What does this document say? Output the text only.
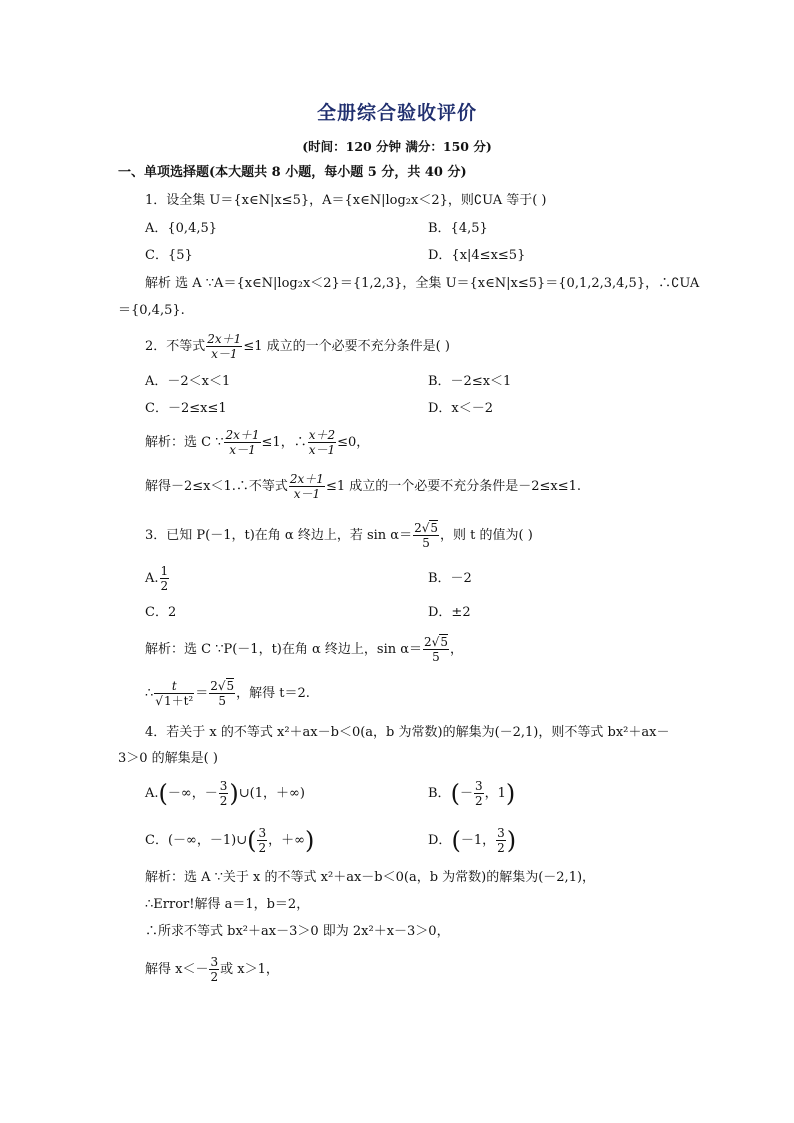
全册综合验收评价
(时间：120 分钟 满分：150 分)
一、单项选择题(本大题共 8 小题，每小题 5 分，共 40 分)
1．设全集 U＝{x∈N|x≤5}，A＝{x∈N|log₂x＜2}，则∁UA 等于( )
A．{0,4,5}	B．{4,5}
C．{5}	D．{x|4≤x≤5}
解析 选 A ∵A＝{x∈N|log₂x＜2}＝{1,2,3}，全集 U＝{x∈N|x≤5}＝{0,1,2,3,4,5}，∴∁UA
＝{0,4,5}.
2．不等式 $\frac{2x+1}{x-1} \le 1$ 成立的一个必要不充分条件是( )
A．－2＜x＜1	B．－2≤x＜1
C．－2≤x≤1	D．x＜－2
解析：选 C ∵ $\frac{2x+1}{x-1} \le 1$，∴ $\frac{x+2}{x-1} \le 0$，
解得－2≤x＜1.∴不等式 $\frac{2x+1}{x-1} \le 1$ 成立的一个必要不充分条件是－2≤x≤1.
3．已知 P(－1，t)在角 α 终边上，若 $\sin \alpha= \frac{2√5}{5}$ ，则 t 的值为( )
A. $\frac{1}{2}$	B．－2
C．2	D．±2
解析：选 C ∵P(－1，t)在角 α 终边上，$\sin \alpha= \frac{2√5}{5}$ ，
∴ $\frac{t}{\text{√1＋t²}} = \frac{2√5}{5}$ ，解得 t＝2.
4．若关于 x 的不等式 x²＋ax－b＜0(a，b 为常数)的解集为(－2,1)，则不等式 bx²＋ax－
3＞0 的解集是( )
A.(－∞，－ $\frac{3}{2}$ )∪(1，＋∞)	B．(－ $\frac{3}{2}$ ，1)
C．(－∞，－1)∪( $\frac{3}{2}$ ，＋∞)	D．(－1， $\frac{3}{2}$ )
解析：选 A ∵关于 x 的不等式 x²＋ax－b＜0(a，b 为常数)的解集为(－2,1)，
∴Error!解得 a＝1，b＝2，
∴所求不等式 bx²＋ax－3＞0 即为 2x²＋x－3＞0，
解得 $x<- \frac{3}{2}$ 或 x＞1，
